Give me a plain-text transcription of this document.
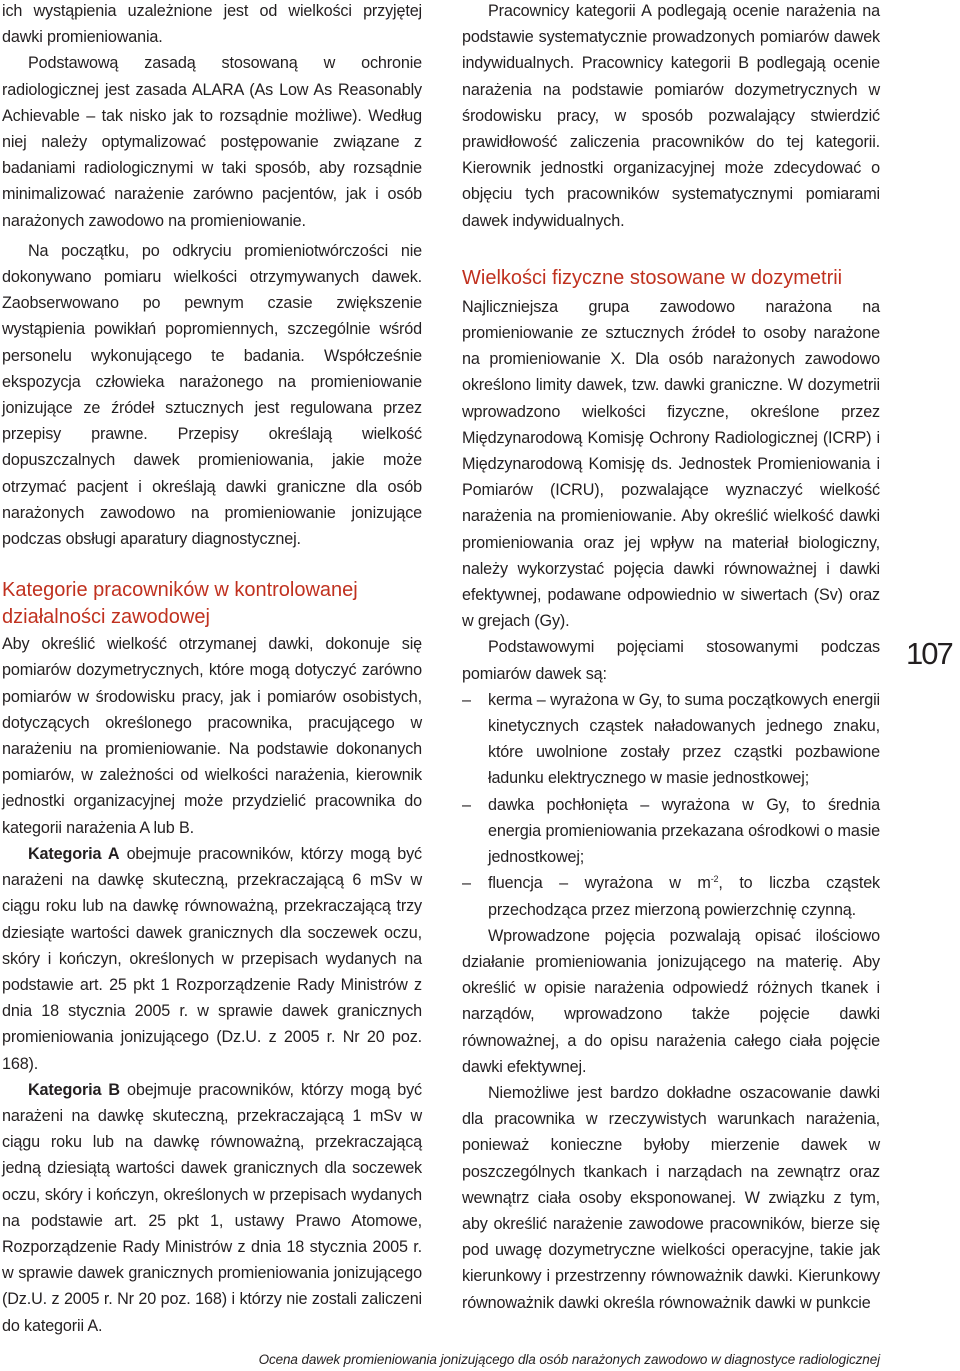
ich wystąpienia uzależnione jest od wielkości przyjętej dawki promieniowania.

Podstawową zasadą stosowaną w ochronie radiologicznej jest zasada ALARA (As Low As Reasonably Achievable – tak nisko jak to rozsądnie możliwe). Według niej należy optymalizować postępowanie związane z badaniami radiologicznymi w taki sposób, aby rozsądnie minimalizować narażenie zarówno pacjentów, jak i osób narażonych zawodowo na promieniowanie.

Na początku, po odkryciu promieniotwórczości nie dokonywano pomiaru wielkości otrzymywanych dawek. Zaobserwowano po pewnym czasie zwiększenie wystąpienia powikłań popromiennych, szczególnie wśród personelu wykonującego te badania. Współcześnie ekspozycja człowieka narażonego na promieniowanie jonizujące ze źródeł sztucznych jest regulowana przez przepisy prawne. Przepisy określają wielkość dopuszczalnych dawek promieniowania, jakie może otrzymać pacjent i określają dawki graniczne dla osób narażonych zawodowo na promieniowanie jonizujące podczas obsługi aparatury diagnostycznej.

Kategorie pracowników w kontrolowanej działalności zawodowej

Aby określić wielkość otrzymanej dawki, dokonuje się pomiarów dozymetrycznych, które mogą dotyczyć zarówno pomiarów w środowisku pracy, jak i pomiarów osobistych, dotyczących określonego pracownika, pracującego w narażeniu na promieniowanie. Na podstawie dokonanych pomiarów, w zależności od wielkości narażenia, kierownik jednostki organizacyjnej może przydzielić pracownika do kategorii narażenia A lub B.

Kategoria A obejmuje pracowników, którzy mogą być narażeni na dawkę skuteczną, przekraczającą 6 mSv w ciągu roku lub na dawkę równoważną, przekraczającą trzy dziesiąte wartości dawek granicznych dla soczewek oczu, skóry i kończyn, określonych w przepisach wydanych na podstawie art. 25 pkt 1 Rozporządzenie Rady Ministrów z dnia 18 stycznia 2005 r. w sprawie dawek granicznych promieniowania jonizującego (Dz.U. z 2005 r. Nr 20 poz. 168).

Kategoria B obejmuje pracowników, którzy mogą być narażeni na dawkę skuteczną, przekraczającą 1 mSv w ciągu roku lub na dawkę równoważną, przekraczającą jedną dziesiątą wartości dawek granicznych dla soczewek oczu, skóry i kończyn, określonych w przepisach wydanych na podstawie art. 25 pkt 1, ustawy Prawo Atomowe, Rozporządzenie Rady Ministrów z dnia 18 stycznia 2005 r. w sprawie dawek granicznych promieniowania jonizującego (Dz.U. z 2005 r. Nr 20 poz. 168) i którzy nie zostali zaliczeni do kategorii A.

Pracownicy kategorii A podlegają ocenie narażenia na podstawie systematycznie prowadzonych pomiarów dawek indywidualnych. Pracownicy kategorii B podlegają ocenie narażenia na podstawie pomiarów dozymetrycznych w środowisku pracy, w sposób pozwalający stwierdzić prawidłowość zaliczenia pracowników do tej kategorii. Kierownik jednostki organizacyjnej może zdecydować o objęciu tych pracowników systematycznymi pomiarami dawek indywidualnych.

Wielkości fizyczne stosowane w dozymetrii

Najliczniejsza grupa zawodowo narażona na promieniowanie ze sztucznych źródeł to osoby narażone na promieniowanie X. Dla osób narażonych zawodowo określono limity dawek, tzw. dawki graniczne. W dozymetrii wprowadzono wielkości fizyczne, określone przez Międzynarodową Komisję Ochrony Radiologicznej (ICRP) i Międzynarodową Komisję ds. Jednostek Promieniowania i Pomiarów (ICRU), pozwalające wyznaczyć wielkość narażenia na promieniowanie. Aby określić wielkość dawki promieniowania oraz jej wpływ na materiał biologiczny, należy wykorzystać pojęcia dawki równoważnej i dawki efektywnej, podawane odpowiednio w siwertach (Sv) oraz w grejach (Gy).

Podstawowymi pojęciami stosowanymi podczas pomiarów dawek są:

– kerma – wyrażona w Gy, to suma początkowych energii kinetycznych cząstek naładowanych jednego znaku, które uwolnione zostały przez cząstki pozbawione ładunku elektrycznego w masie jednostkowej;
– dawka pochłonięta – wyrażona w Gy, to średnia energia promieniowania przekazana ośrodkowi o masie jednostkowej;
– fluencja – wyrażona w $m^{-2}$, to liczba cząstek przechodząca przez mierzoną powierzchnię czynną.

Wprowadzone pojęcia pozwalają opisać ilościowo działanie promieniowania jonizującego na materię. Aby określić w opisie narażenia odpowiedź różnych tkanek i narządów, wprowadzono także pojęcie dawki równoważnej, a do opisu narażenia całego ciała pojęcie dawki efektywnej.

Niemożliwe jest bardzo dokładne oszacowanie dawki dla pracownika w rzeczywistych warunkach narażenia, ponieważ konieczne byłoby mierzenie dawek w poszczególnych tkankach i narządach na zewnątrz oraz wewnątrz ciała osoby eksponowanej. W związku z tym, aby określić narażenie zawodowe pracowników, bierze się pod uwagę dozymetryczne wielkości operacyjne, takie jak kierunkowy i przestrzenny równoważnik dawki. Kierunkowy równoważnik dawki określa równoważnik dawki w punkcie

107
Ocena dawek promieniowania jonizującego dla osób narażonych zawodowo w diagnostyce radiologicznej
